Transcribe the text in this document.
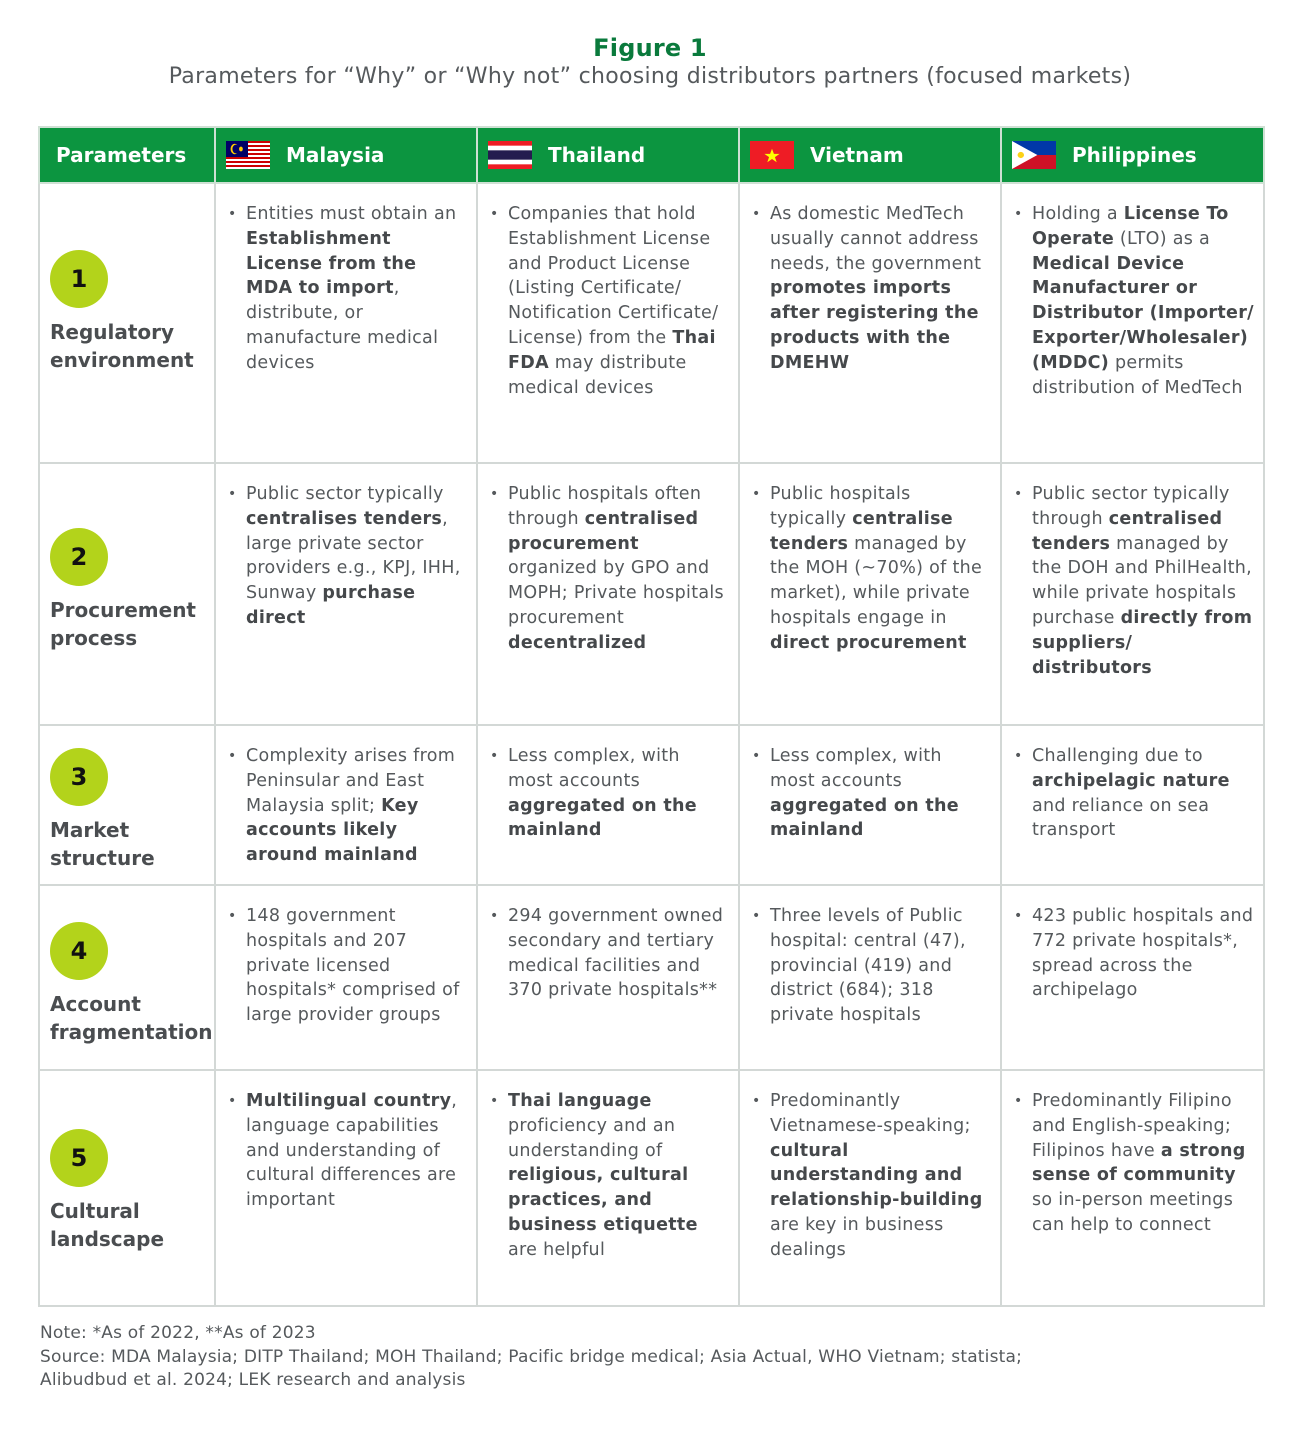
Figure 1
Parameters for “Why” or “Why not” choosing distributors partners (focused markets)
Parameters	Malaysia	Thailand	Vietnam	Philippines

1
Regulatory
environment	• Entities must obtain an Establishment License from the MDA to import, distribute, or manufacture medical devices	• Companies that hold Establishment License and Product License (Listing Certificate/ Notification Certificate/ License) from the Thai FDA may distribute medical devices	• As domestic MedTech usually cannot address needs, the government promotes imports after registering the products with the DMEHW	• Holding a License To Operate (LTO) as a Medical Device Manufacturer or Distributor (Importer/ Exporter/Wholesaler) (MDDC) permits distribution of MedTech

2
Procurement
process	• Public sector typically centralises tenders, large private sector providers e.g., KPJ, IHH, Sunway purchase direct	• Public hospitals often through centralised procurement organized by GPO and MOPH; Private hospitals procurement decentralized	• Public hospitals typically centralise tenders managed by the MOH (~70%) of the market), while private hospitals engage in direct procurement	• Public sector typically through centralised tenders managed by the DOH and PhilHealth, while private hospitals purchase directly from suppliers/ distributors

3
Market
structure	• Complexity arises from Peninsular and East Malaysia split; Key accounts likely around mainland	• Less complex, with most accounts aggregated on the mainland	• Less complex, with most accounts aggregated on the mainland	• Challenging due to archipelagic nature and reliance on sea transport

4
Account
fragmentation	• 148 government hospitals and 207 private licensed hospitals* comprised of large provider groups	• 294 government owned secondary and tertiary medical facilities and 370 private hospitals**	• Three levels of Public hospital: central (47), provincial (419) and district (684); 318 private hospitals	• 423 public hospitals and 772 private hospitals*, spread across the archipelago

5
Cultural
landscape	• Multilingual country, language capabilities and understanding of cultural differences are important	• Thai language proficiency and an understanding of religious, cultural practices, and business etiquette are helpful	• Predominantly Vietnamese-speaking; cultural understanding and relationship-building are key in business dealings	• Predominantly Filipino and English-speaking; Filipinos have a strong sense of community so in-person meetings can help to connect
Note: *As of 2022, **As of 2023
Source: MDA Malaysia; DITP Thailand; MOH Thailand; Pacific bridge medical; Asia Actual, WHO Vietnam; statista;
Alibudbud et al. 2024; LEK research and analysis
